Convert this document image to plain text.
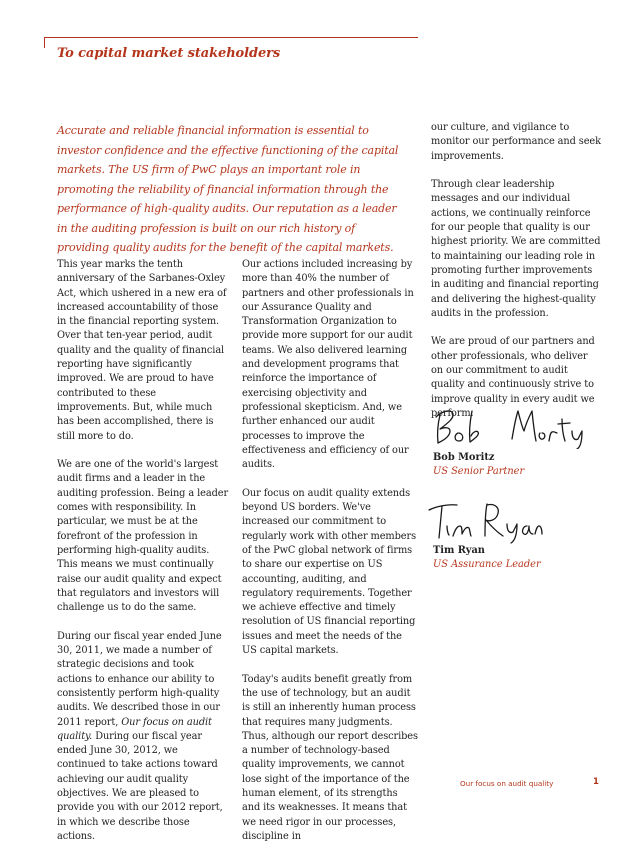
To capital market stakeholders

Accurate and reliable financial information is essential to investor confidence and the effective functioning of the capital markets. The US firm of PwC plays an important role in promoting the reliability of financial information through the performance of high-quality audits. Our reputation as a leader in the auditing profession is built on our rich history of providing quality audits for the benefit of the capital markets.

This year marks the tenth anniversary of the Sarbanes-Oxley Act, which ushered in a new era of increased accountability of those in the financial reporting system. Over that ten-year period, audit quality and the quality of financial reporting have significantly improved. We are proud to have contributed to these improvements. But, while much has been accomplished, there is still more to do.

We are one of the world's largest audit firms and a leader in the auditing profession. Being a leader comes with responsibility. In particular, we must be at the forefront of the profession in performing high-quality audits. This means we must continually raise our audit quality and expect that regulators and investors will challenge us to do the same.

During our fiscal year ended June 30, 2011, we made a number of strategic decisions and took actions to enhance our ability to consistently perform high-quality audits. We described those in our 2011 report, Our focus on audit quality. During our fiscal year ended June 30, 2012, we continued to take actions toward achieving our audit quality objectives. We are pleased to provide you with our 2012 report, in which we describe those actions.

Our actions included increasing by more than 40% the number of partners and other professionals in our Assurance Quality and Transformation Organization to provide more support for our audit teams. We also delivered learning and development programs that reinforce the importance of exercising objectivity and professional skepticism. And, we further enhanced our audit processes to improve the effectiveness and efficiency of our audits.

Our focus on audit quality extends beyond US borders. We've increased our commitment to regularly work with other members of the PwC global network of firms to share our expertise on US accounting, auditing, and regulatory requirements. Together we achieve effective and timely resolution of US financial reporting issues and meet the needs of the US capital markets.

Today's audits benefit greatly from the use of technology, but an audit is still an inherently human process that requires many judgments. Thus, although our report describes a number of technology-based quality improvements, we cannot lose sight of the importance of the human element, of its strengths and its weaknesses. It means that we need rigor in our processes, discipline in

our culture, and vigilance to monitor our performance and seek improvements.

Through clear leadership messages and our individual actions, we continually reinforce for our people that quality is our highest priority. We are committed to maintaining our leading role in promoting further improvements in auditing and financial reporting and delivering the highest-quality audits in the profession.

We are proud of our partners and other professionals, who deliver on our commitment to audit quality and continuously strive to improve quality in every audit we perform.

Bob Moritz
US Senior Partner
Tim Ryan
US Assurance Leader
Our focus on audit quality	1
